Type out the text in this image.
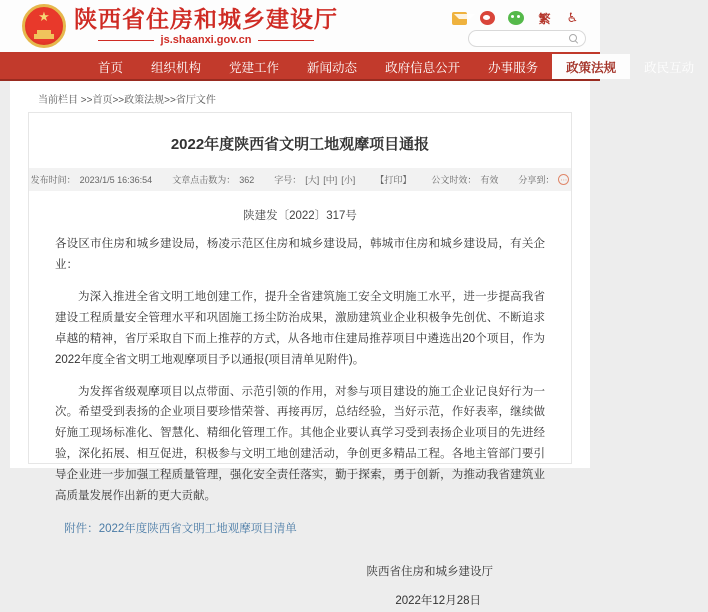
★	陕西省住房和城乡建设厅
js.shaanxi.gov.cn
繁 ♿
首页	组织机构	党建工作	新闻动态	政府信息公开	办事服务	政策法规	政民互动
当前栏目 >>首页>>政策法规>>省厅文件
2022年度陕西省文明工地观摩项目通报
发布时间： 2023/1/5 16:36:54 文章点击数为： 362 字号： [大] [中] [小] 【打印】 公文时效： 有效 分享到： ⋯
陕建发〔2022〕317号

各设区市住房和城乡建设局，杨凌示范区住房和城乡建设局，韩城市住房和城乡建设局，有关企业：

为深入推进全省文明工地创建工作，提升全省建筑施工安全文明施工水平，进一步提高我省建设工程质量安全管理水平和巩固施工扬尘防治成果，激励建筑业企业积极争先创优、不断追求卓越的精神，省厅采取自下而上推荐的方式，从各地市住建局推荐项目中遴选出20个项目，作为2022年度全省文明工地观摩项目予以通报(项目清单见附件)。

为发挥省级观摩项目以点带面、示范引领的作用，对参与项目建设的施工企业记良好行为一次。希望受到表扬的企业项目要珍惜荣誉、再接再厉，总结经验，当好示范，作好表率，继续做好施工现场标准化、智慧化、精细化管理工作。其他企业要认真学习受到表扬企业项目的先进经验，深化拓展、相互促进，积极参与文明工地创建活动，争创更多精品工程。各地主管部门要引导企业进一步加强工程质量管理，强化安全责任落实，勤于探索，勇于创新，为推动我省建筑业高质量发展作出新的更大贡献。

附件：2022年度陕西省文明工地观摩项目清单
陕西省住房和城乡建设厅
2022年12月28日
